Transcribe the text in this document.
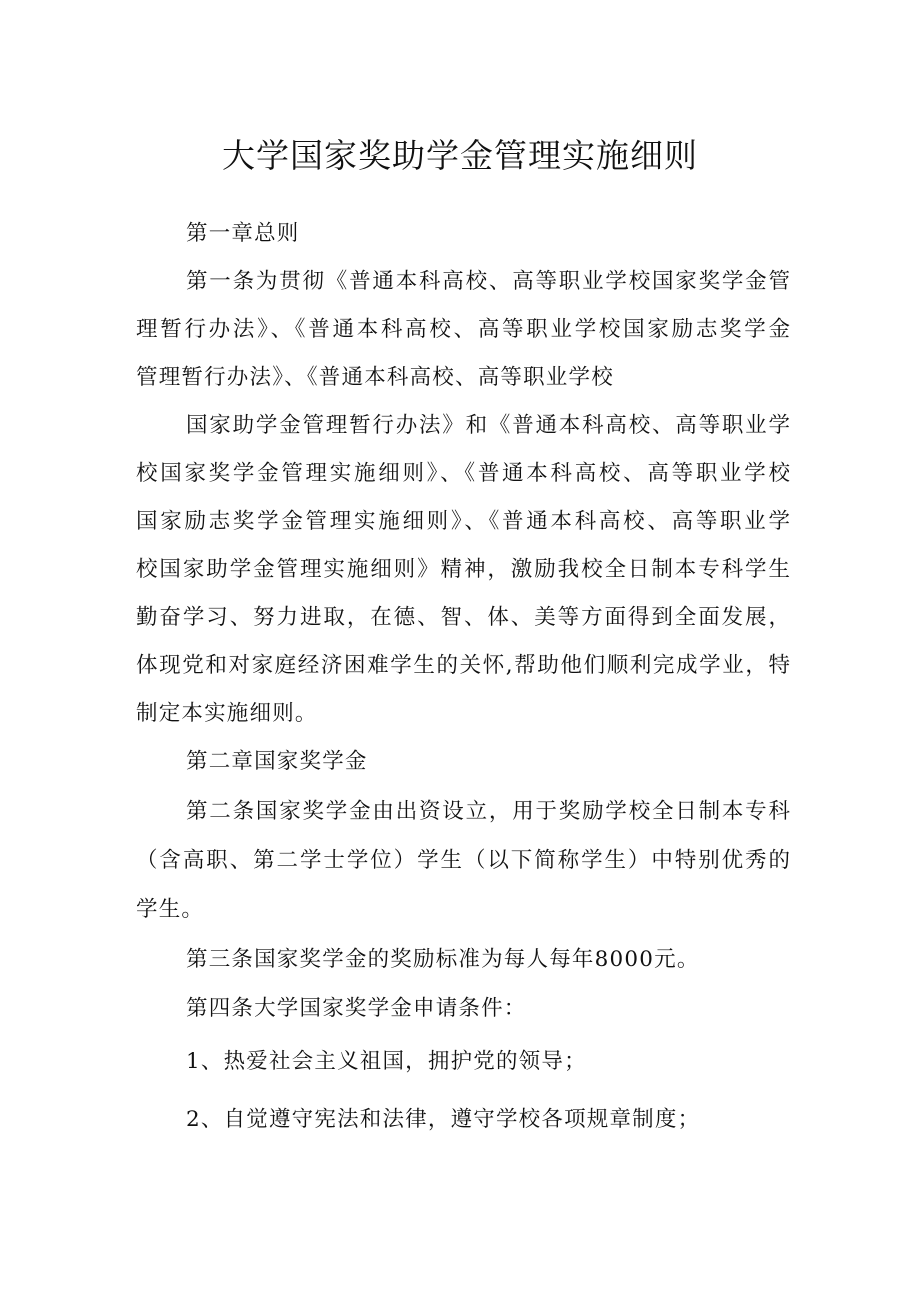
大学国家奖助学金管理实施细则
第一章总则
第一条为贯彻《普通本科高校、高等职业学校国家奖学金管
理暂行办法》、《普通本科高校、高等职业学校国家励志奖学金
管理暂行办法》、《普通本科高校、高等职业学校
国家助学金管理暂行办法》和《普通本科高校、高等职业学
校国家奖学金管理实施细则》、《普通本科高校、高等职业学校
国家励志奖学金管理实施细则》、《普通本科高校、高等职业学
校国家助学金管理实施细则》精神，激励我校全日制本专科学生
勤奋学习、努力进取，在德、智、体、美等方面得到全面发展，
体现党和对家庭经济困难学生的关怀,帮助他们顺利完成学业，特
制定本实施细则。
第二章国家奖学金
第二条国家奖学金由出资设立，用于奖励学校全日制本专科
（含高职、第二学士学位）学生（以下简称学生）中特别优秀的
学生。
第三条国家奖学金的奖励标准为每人每年8000元。
第四条大学国家奖学金申请条件：
1、热爱社会主义祖国，拥护党的领导；
2、自觉遵守宪法和法律，遵守学校各项规章制度；
